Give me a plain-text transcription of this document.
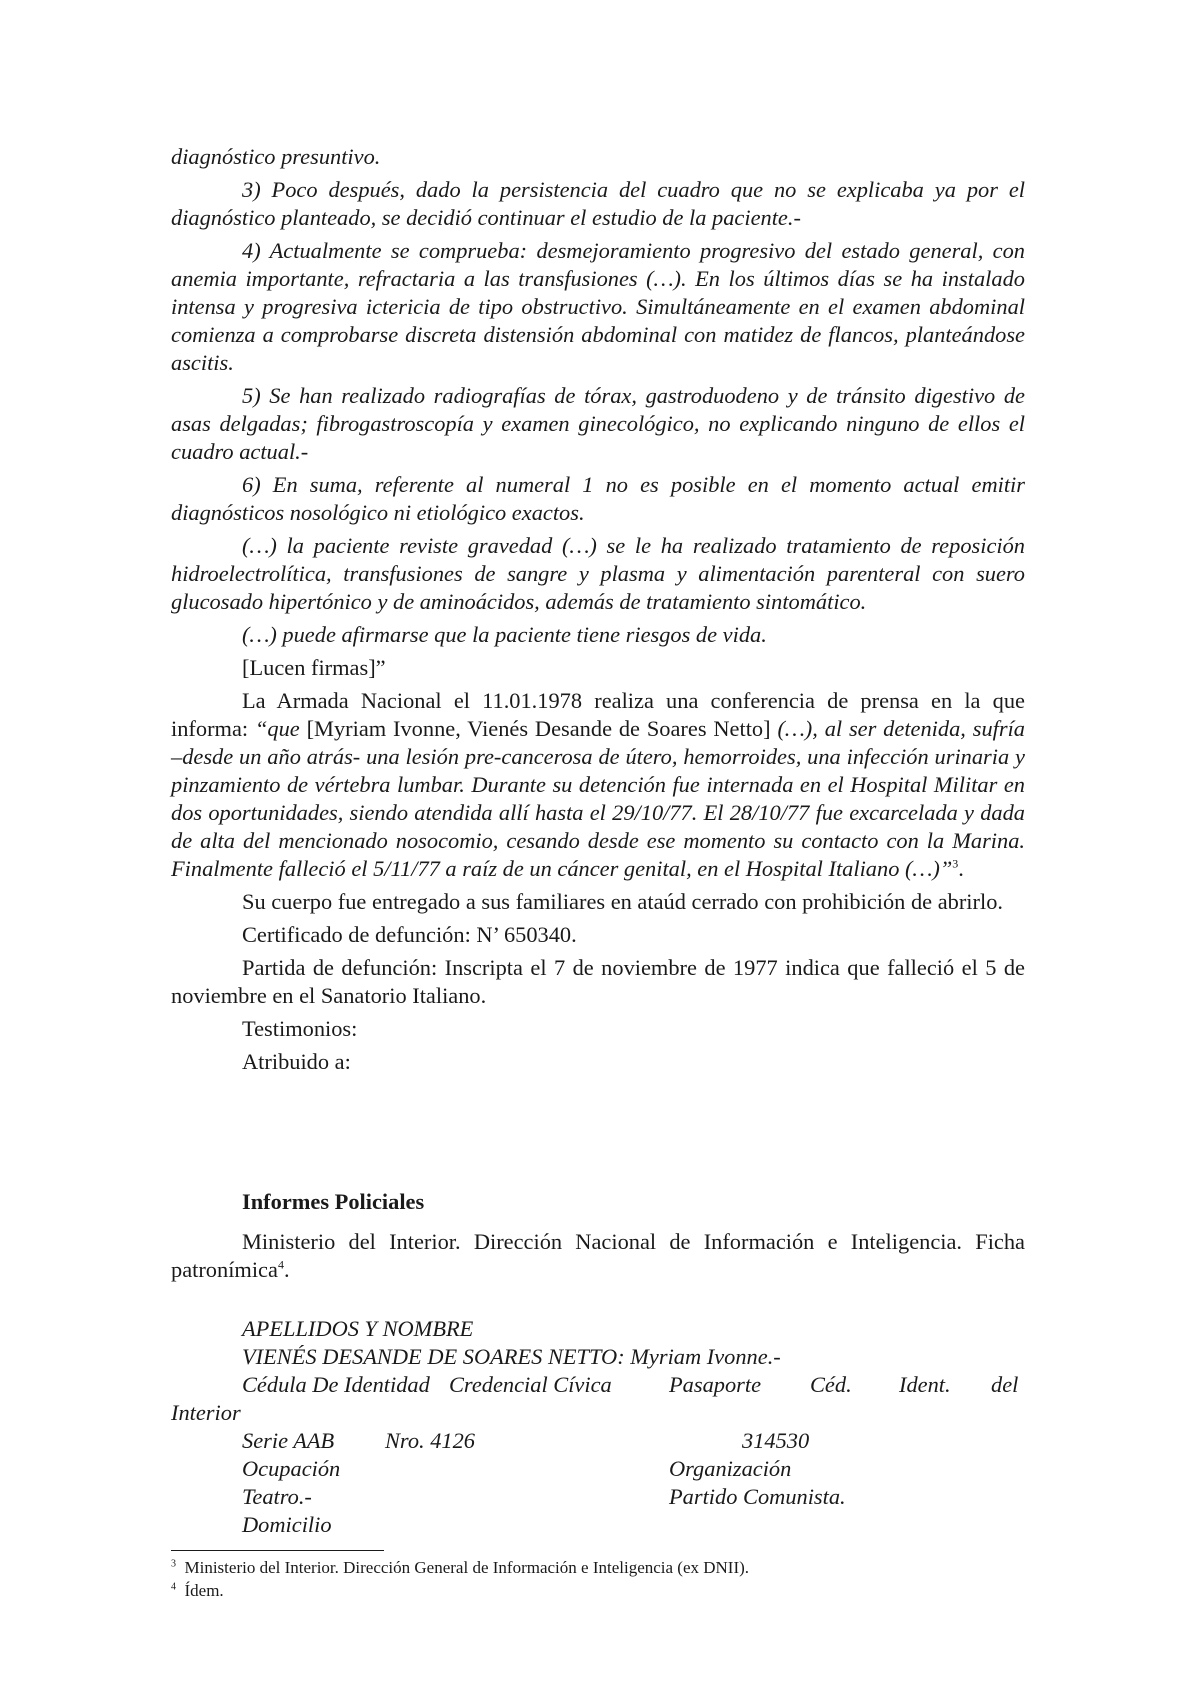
diagnóstico presuntivo.

3) Poco después, dado la persistencia del cuadro que no se explicaba ya por el diagnóstico planteado, se decidió continuar el estudio de la paciente.-

4) Actualmente se comprueba: desmejoramiento progresivo del estado general, con anemia importante, refractaria a las transfusiones (…). En los últimos días se ha instalado intensa y progresiva ictericia de tipo obstructivo. Simultáneamente en el examen abdominal comienza a comprobarse discreta distensión abdominal con matidez de flancos, planteándose ascitis.

5) Se han realizado radiografías de tórax, gastroduodeno y de tránsito digestivo de asas delgadas; fibrogastroscopía y examen ginecológico, no explicando ninguno de ellos el cuadro actual.-

6) En suma, referente al numeral 1 no es posible en el momento actual emitir diagnósticos nosológico ni etiológico exactos.

(…) la paciente reviste gravedad (…) se le ha realizado tratamiento de reposición hidroelectrolítica, transfusiones de sangre y plasma y alimentación parenteral con suero glucosado hipertónico y de aminoácidos, además de tratamiento sintomático.

(…) puede afirmarse que la paciente tiene riesgos de vida.

[Lucen firmas]”

La Armada Nacional el 11.01.1978 realiza una conferencia de prensa en la que informa: “que [Myriam Ivonne, Vienés Desande de Soares Netto] (…), al ser detenida, sufría –desde un año atrás- una lesión pre-cancerosa de útero, hemorroides, una infección urinaria y pinzamiento de vértebra lumbar. Durante su detención fue internada en el Hospital Militar en dos oportunidades, siendo atendida allí hasta el 29/10/77. El 28/10/77 fue excarcelada y dada de alta del mencionado nosocomio, cesando desde ese momento su contacto con la Marina. Finalmente falleció el 5/11/77 a raíz de un cáncer genital, en el Hospital Italiano (…)”$^3$.

Su cuerpo fue entregado a sus familiares en ataúd cerrado con prohibición de abrirlo.

Certificado de defunción: N’ 650340.

Partida de defunción: Inscripta el 7 de noviembre de 1977 indica que falleció el 5 de noviembre en el Sanatorio Italiano.

Testimonios:

Atribuido a:

Informes Policiales

Ministerio del Interior. Dirección Nacional de Información e Inteligencia. Ficha patronímica$^4$.

APELLIDOS Y NOMBRE
VIENÉS DESANDE DE SOARES NETTO: Myriam Ivonne.-
Cédula De Identidad Credencial Cívica	Pasaporte Céd. Ident. del
Interior
Serie AAB Nro. 4126	314530
Ocupación	Organización
Teatro.-	Partido Comunista.
Domicilio
$^3$ Ministerio del Interior. Dirección General de Información e Inteligencia (ex DNII).
$^4$ Ídem.
